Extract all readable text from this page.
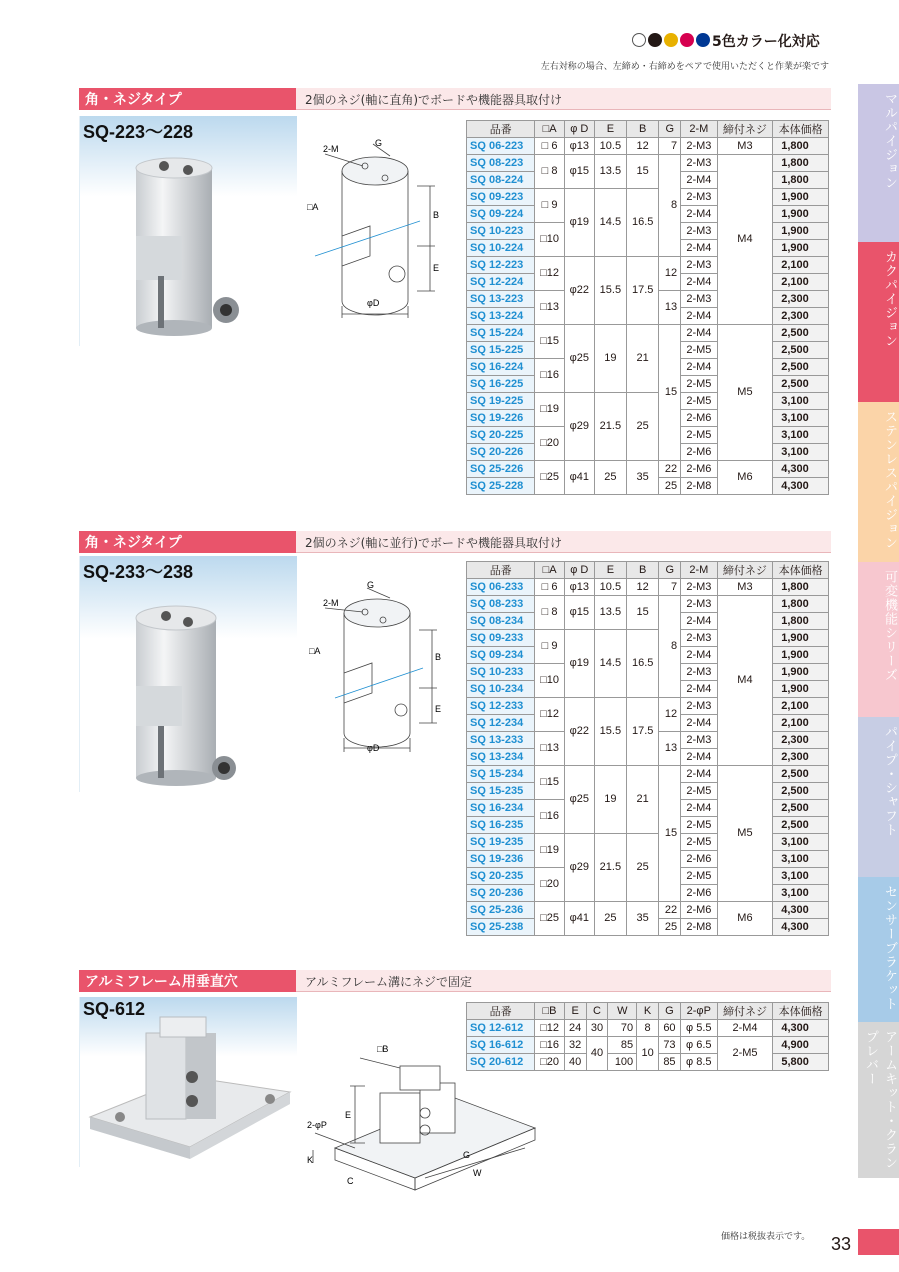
5色カラー化対応
左右対称の場合、左締め・右締めをペアで使用いただくと作業が楽です
角・ネジタイプ	2個のネジ(軸に直角)でボードや機能器具取付け
SQ-223〜228
2-M
G
□A
B
E
φD
品番	□A	φ D	E	B	G	2-M	締付ネジ	本体価格
SQ 06-223	□ 6	φ13	10.5	12	7	2-M3	M3	1,800
SQ 08-223	□ 8	φ15	13.5	15	8	2-M3	M4	1,800
SQ 08-224						2-M4		1,800
SQ 09-223	□ 9	φ19	14.5	16.5		2-M3		1,900
SQ 09-224						2-M4		1,900
SQ 10-223	□10					2-M3		1,900
SQ 10-224						2-M4		1,900
SQ 12-223	□12	φ22	15.5	17.5	12	2-M3		2,100
SQ 12-224						2-M4		2,100
SQ 13-223	□13				13	2-M3		2,300
SQ 13-224						2-M4		2,300
SQ 15-224	□15	φ25	19	21	15	2-M4	M5	2,500
SQ 15-225						2-M5		2,500
SQ 16-224	□16					2-M4		2,500
SQ 16-225						2-M5		2,500
SQ 19-225	□19	φ29	21.5	25		2-M5		3,100
SQ 19-226						2-M6		3,100
SQ 20-225	□20					2-M5		3,100
SQ 20-226						2-M6		3,100
SQ 25-226	□25	φ41	25	35	22	2-M6	M6	4,300
SQ 25-228					25	2-M8		4,300
角・ネジタイプ	2個のネジ(軸に並行)でボードや機能器具取付け
SQ-233〜238
2-M
G
□A
B
E
φD
品番	□A	φ D	E	B	G	2-M	締付ネジ	本体価格
SQ 06-233	□ 6	φ13	10.5	12	7	2-M3	M3	1,800
SQ 08-233	□ 8	φ15	13.5	15	8	2-M3	M4	1,800
SQ 08-234						2-M4		1,800
SQ 09-233	□ 9	φ19	14.5	16.5		2-M3		1,900
SQ 09-234						2-M4		1,900
SQ 10-233	□10					2-M3		1,900
SQ 10-234						2-M4		1,900
SQ 12-233	□12	φ22	15.5	17.5	12	2-M3		2,100
SQ 12-234						2-M4		2,100
SQ 13-233	□13				13	2-M3		2,300
SQ 13-234						2-M4		2,300
SQ 15-234	□15	φ25	19	21	15	2-M4	M5	2,500
SQ 15-235						2-M5		2,500
SQ 16-234	□16					2-M4		2,500
SQ 16-235						2-M5		2,500
SQ 19-235	□19	φ29	21.5	25		2-M5		3,100
SQ 19-236						2-M6		3,100
SQ 20-235	□20					2-M5		3,100
SQ 20-236						2-M6		3,100
SQ 25-236	□25	φ41	25	35	22	2-M6	M6	4,300
SQ 25-238					25	2-M8		4,300
アルミフレーム用垂直穴	アルミフレーム溝にネジで固定
SQ-612
□B
E
2-φP
K
C
G
W
品番	□B	E	C	W	K	G	2-φP	締付ネジ	本体価格
SQ 12-612	□12	24	30	70	8	60	φ 5.5	2-M4	4,300
SQ 16-612	□16	32	40	85	10	73	φ 6.5	2-M5	4,900
SQ 20-612	□20	40		100		85	φ 8.5		5,800
マルパイジョン
カクパイジョン
ステンレスパイジョン
可変機能シリーズ
パイプ・シャフト
センサーブラケット
アームキット・クランプレバー
価格は税抜表示です。 33
